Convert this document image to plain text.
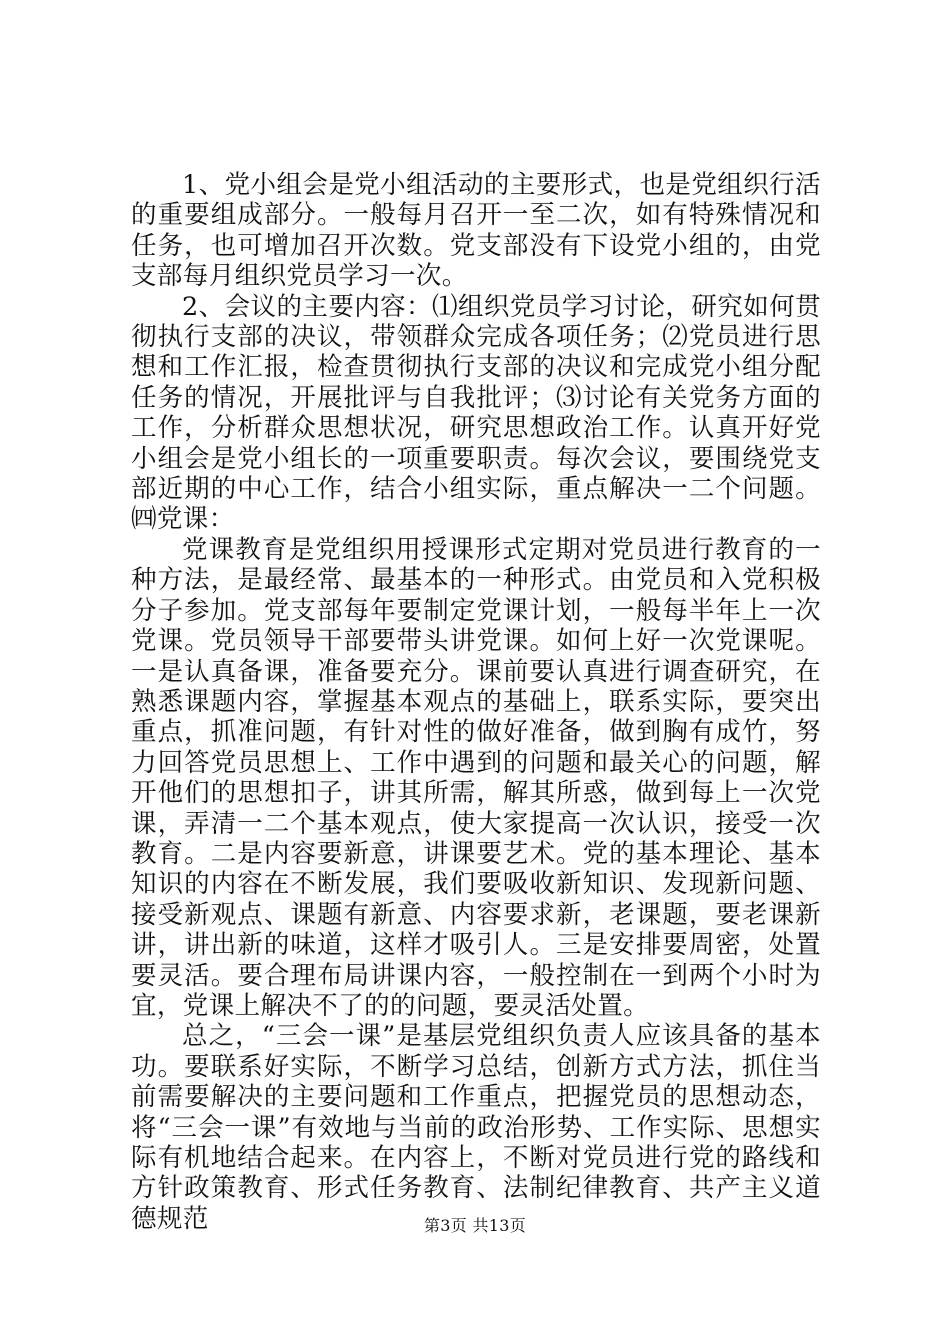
1、党小组会是党小组活动的主要形式，也是党组织行活的重要组成部分。一般每月召开一至二次，如有特殊情况和任务，也可增加召开次数。党支部没有下设党小组的，由党支部每月组织党员学习一次。

2、会议的主要内容：⑴组织党员学习讨论，研究如何贯彻执行支部的决议，带领群众完成各项任务；⑵党员进行思想和工作汇报，检查贯彻执行支部的决议和完成党小组分配任务的情况，开展批评与自我批评；⑶讨论有关党务方面的工作，分析群众思想状况，研究思想政治工作。认真开好党小组会是党小组长的一项重要职责。每次会议，要围绕党支部近期的中心工作，结合小组实际，重点解决一二个问题。㈣党课：

党课教育是党组织用授课形式定期对党员进行教育的一种方法，是最经常、最基本的一种形式。由党员和入党积极分子参加。党支部每年要制定党课计划，一般每半年上一次党课。党员领导干部要带头讲党课。如何上好一次党课呢。一是认真备课，准备要充分。课前要认真进行调查研究，在熟悉课题内容，掌握基本观点的基础上，联系实际，要突出重点，抓准问题，有针对性的做好准备，做到胸有成竹，努力回答党员思想上、工作中遇到的问题和最关心的问题，解开他们的思想扣子，讲其所需，解其所惑，做到每上一次党课，弄清一二个基本观点，使大家提高一次认识，接受一次教育。二是内容要新意，讲课要艺术。党的基本理论、基本知识的内容在不断发展，我们要吸收新知识、发现新问题、接受新观点、课题有新意、内容要求新，老课题，要老课新讲，讲出新的味道，这样才吸引人。三是安排要周密，处置要灵活。要合理布局讲课内容，一般控制在一到两个小时为宜，党课上解决不了的的问题，要灵活处置。

总之，“三会一课”是基层党组织负责人应该具备的基本功。要联系好实际，不断学习总结，创新方式方法，抓住当前需要解决的主要问题和工作重点，把握党员的思想动态，将“三会一课”有效地与当前的政治形势、工作实际、思想实际有机地结合起来。在内容上，不断对党员进行党的路线和方针政策教育、形式任务教育、法制纪律教育、共产主义道德规范	第3页 共13页
